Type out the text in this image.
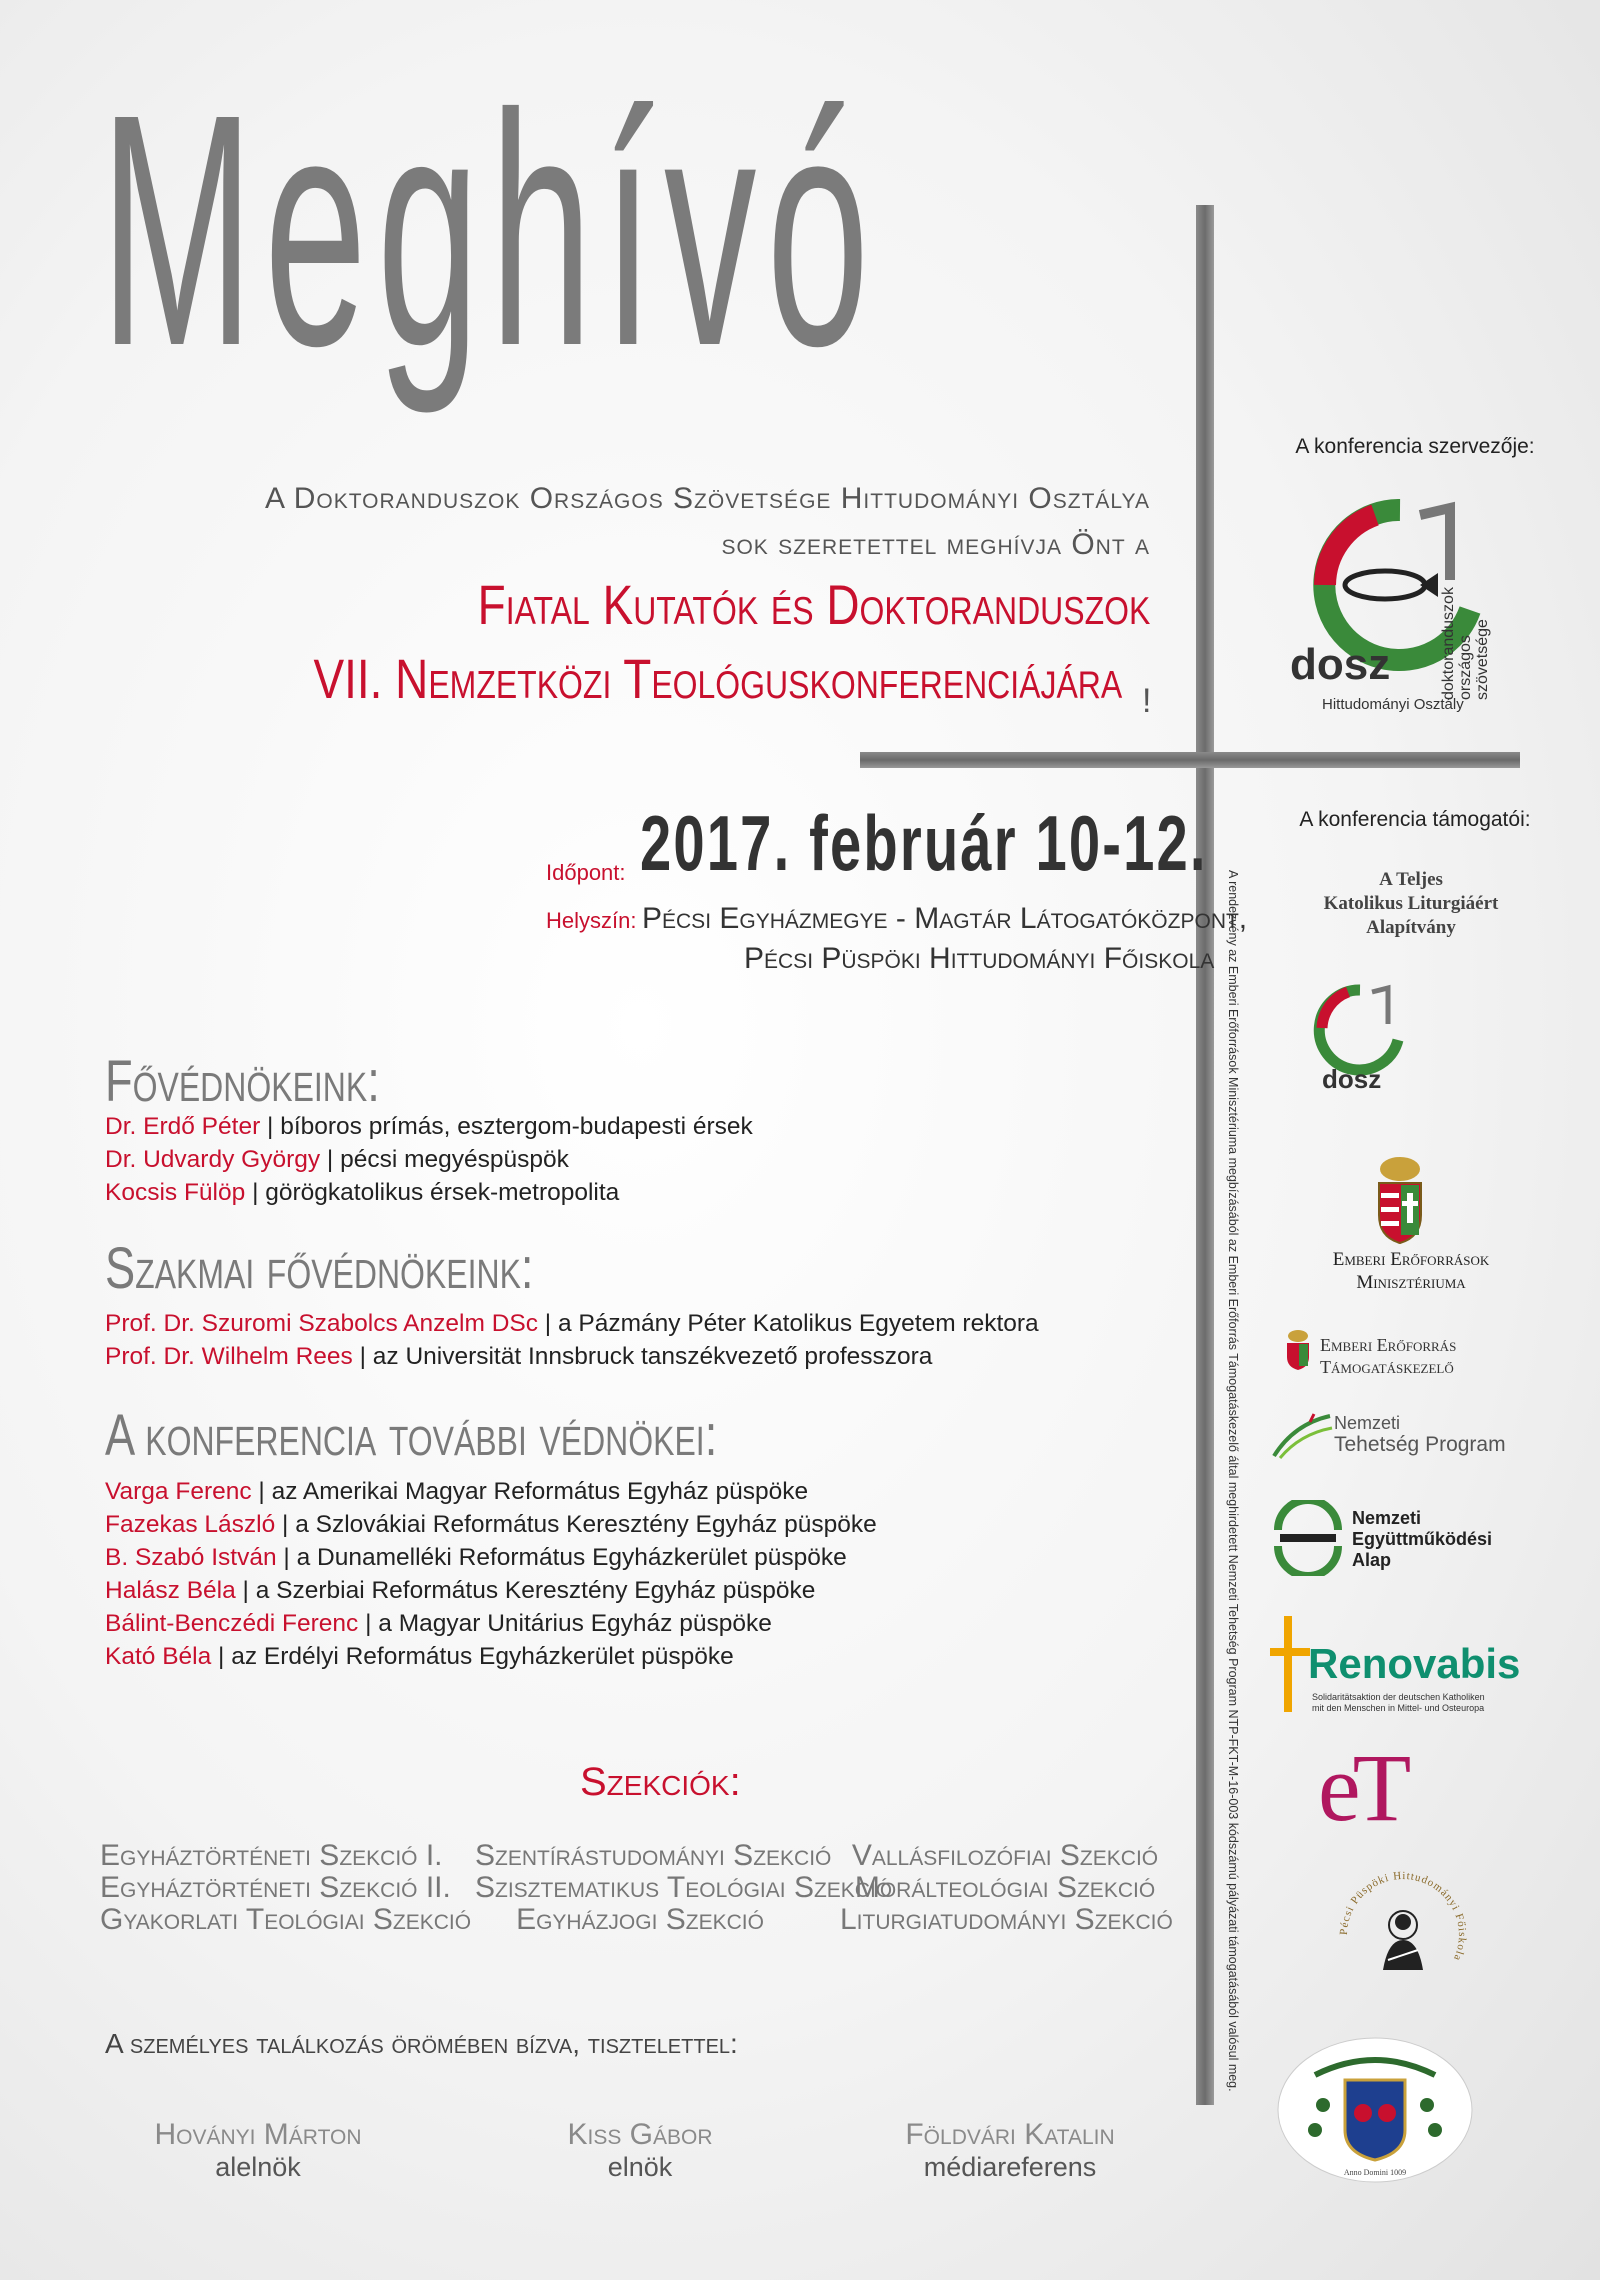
Meghívó
A Doktoranduszok Országos Szövetsége Hittudományi Osztálya
sok szeretettel meghívja Önt a
Fiatal Kutatók és Doktoranduszok
VII. Nemzetközi Teológuskonferenciájára !
Időpont: 2017. február 10-12.
Helyszín: Pécsi Egyházmegye - Magtár Látogatóközpont,
Pécsi Püspöki Hittudományi Főiskola
Fővédnökeink:
Dr. Erdő Péter | bíboros prímás, esztergom-budapesti érsek
Dr. Udvardy György | pécsi megyéspüspök
Kocsis Fülöp | görögkatolikus érsek-metropolita
Szakmai fővédnökeink:
Prof. Dr. Szuromi Szabolcs Anzelm DSc | a Pázmány Péter Katolikus Egyetem rektora
Prof. Dr. Wilhelm Rees | az Universität Innsbruck tanszékvezető professzora
A konferencia további védnökei:
Varga Ferenc | az Amerikai Magyar Református Egyház püspöke
Fazekas László | a Szlovákiai Református Keresztény Egyház püspöke
B. Szabó István | a Dunamelléki Református Egyházkerület püspöke
Halász Béla | a Szerbiai Református Keresztény Egyház püspöke
Bálint-Benczédi Ferenc | a Magyar Unitárius Egyház püspöke
Kató Béla | az Erdélyi Református Egyházkerület püspöke
Szekciók:
Egyháztörténeti Szekció I.
Egyháztörténeti Szekció II.
Gyakorlati Teológiai Szekció
Szentírástudományi Szekció
Szisztematikus Teológiai Szekció
Egyházjogi Szekció
Vallásfilozófiai Szekció
Morálteológiai Szekció
Liturgiatudományi Szekció
A személyes találkozás örömében bízva, tisztelettel:
Hoványi Márton
alelnök
Kiss Gábor
elnök
Földvári Katalin
médiareferens
A rendezvény az Emberi Erőforrások Minisztériuma megbízásából az Emberi Erőforrás Támogatáskezelő által meghirdetett Nemzeti Tehetség Program NTP-FKT-M-16-003 kódszámú pályázati támogatásából valósul meg.
A konferencia szervezője:
dosz	doktoranduszok országos szövetsége
Hittudományi Osztály
A konferencia támogatói:
A Teljes
Katolikus Liturgiáért
Alapítvány
dosz
Emberi Erőforrások
Minisztériuma
Emberi Erőforrás
Támogatáskezelő
Nemzeti
Tehetség Program
Nemzeti
Együttműködési
Alap
Renovabis
Solidaritätsaktion der deutschen Katholiken
mit den Menschen in Mittel- und Osteuropa
eT
Pécsi Püspöki Hittudományi Főiskola
Anno Domini 1009
